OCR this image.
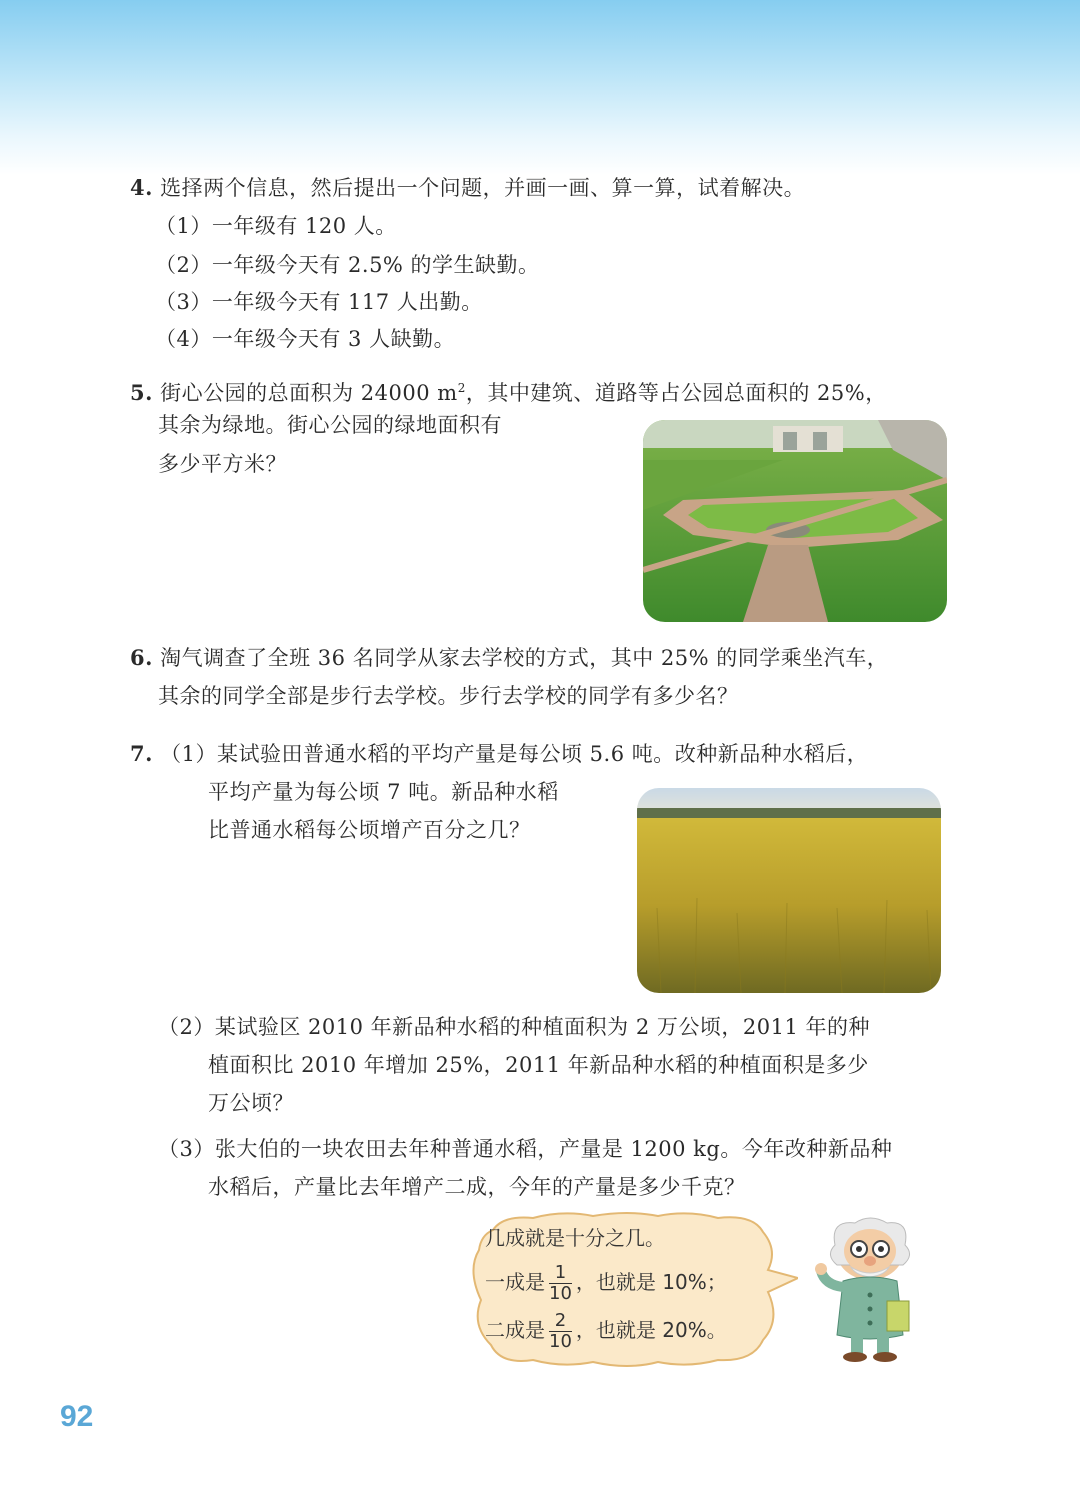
4. 选择两个信息，然后提出一个问题，并画一画、算一算，试着解决。
（1）一年级有 120 人。
（2）一年级今天有 2.5% 的学生缺勤。
（3）一年级今天有 117 人出勤。
（4）一年级今天有 3 人缺勤。
5. 街心公园的总面积为 24000 $m^2$，其中建筑、道路等占公园总面积的 25%，
其余为绿地。街心公园的绿地面积有
多少平方米？
6. 淘气调查了全班 36 名同学从家去学校的方式，其中 25% 的同学乘坐汽车，
其余的同学全部是步行去学校。步行去学校的同学有多少名？
7. （1）某试验田普通水稻的平均产量是每公顷 5.6 吨。改种新品种水稻后，
平均产量为每公顷 7 吨。新品种水稻
比普通水稻每公顷增产百分之几？
（2）某试验区 2010 年新品种水稻的种植面积为 2 万公顷，2011 年的种
植面积比 2010 年增加 25%，2011 年新品种水稻的种植面积是多少
万公顷？
（3）张大伯的一块农田去年种普通水稻，产量是 1200 kg。今年改种新品种
水稻后，产量比去年增产二成，今年的产量是多少千克？
几成就是十分之几。
一成是 $\frac{1}{10}$ ，也就是 10%；
二成是 $\frac{2}{10}$ ，也就是 20%。
92
